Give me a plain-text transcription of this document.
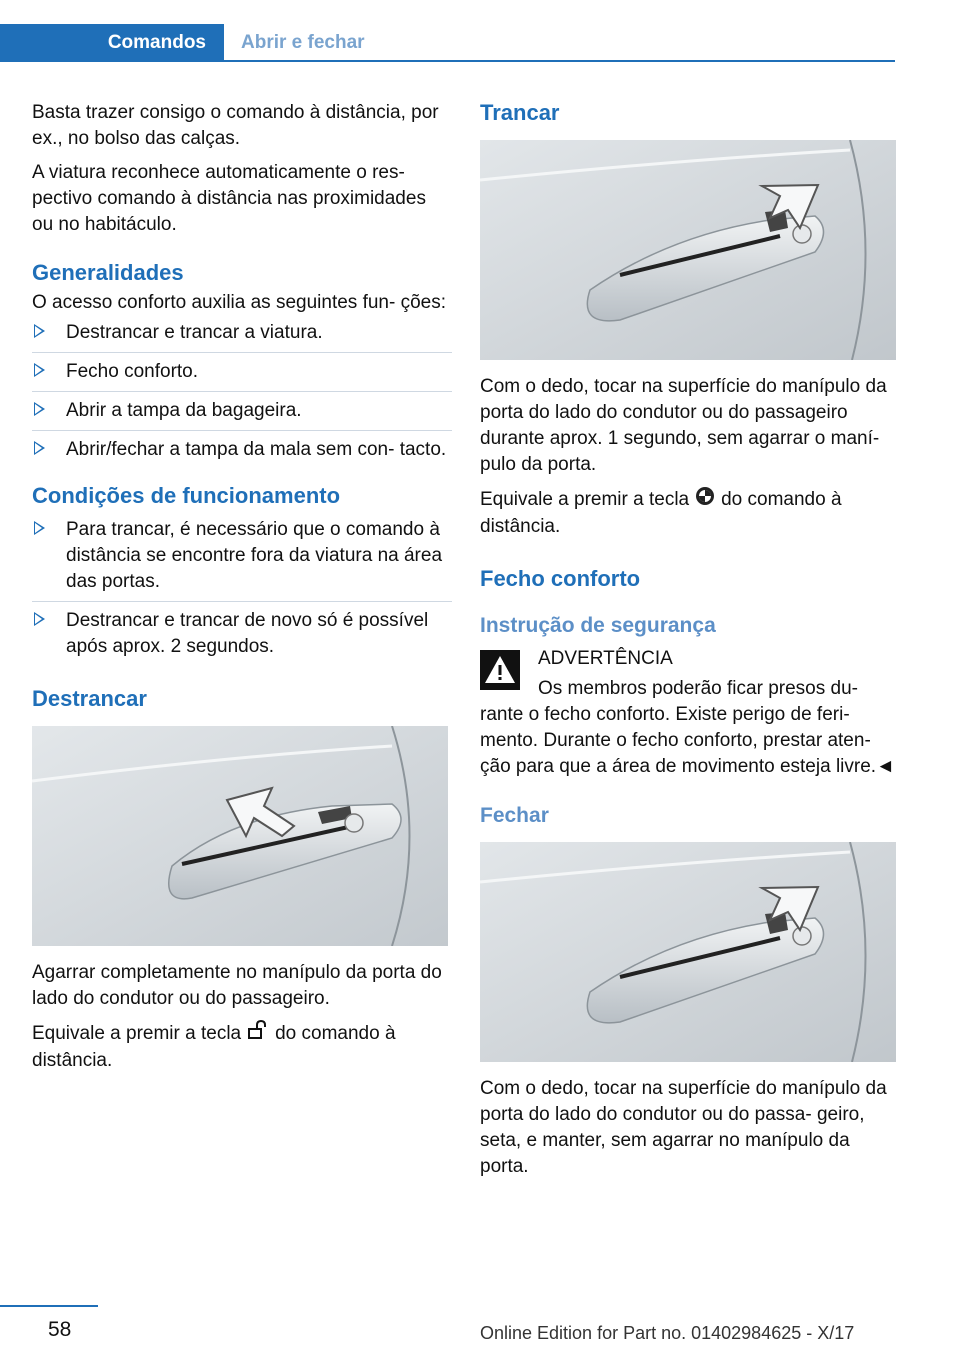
Comandos	Abrir e fechar

Basta trazer consigo o comando à distância, por ex., no bolso das calças.

A viatura reconhece automaticamente o res‐ pectivo comando à distância nas proximidades ou no habitáculo.

Generalidades

O acesso conforto auxilia as seguintes fun‐ ções:

Destrancar e trancar a viatura.
Fecho conforto.
Abrir a tampa da bagageira.
Abrir/fechar a tampa da mala sem con‐ tacto.
Condições de funcionamento
Para trancar, é necessário que o comando à distância se encontre fora da viatura na área das portas.
Destrancar e trancar de novo só é possível após aprox. 2 segundos.
Destrancar

Agarrar completamente no manípulo da porta do lado do condutor ou do passageiro.

Equivale a premir a tecla do comando à distância.

Trancar

Com o dedo, tocar na superfície do manípulo da porta do lado do condutor ou do passageiro durante aprox. 1 segundo, sem agarrar o maní‐ pulo da porta.

Equivale a premir a tecla do comando à distância.

Fecho conforto
Instrução de segurança

ADVERTÊNCIA

Os membros poderão ficar presos du‐ rante o fecho conforto. Existe perigo de feri‐ mento. Durante o fecho conforto, prestar aten‐ ção para que a área de movimento esteja livre.◄

Fechar

Com o dedo, tocar na superfície do manípulo da porta do lado do condutor ou do passa‐ geiro, seta, e manter, sem agarrar no manípulo da porta.

58	Online Edition for Part no. 01402984625 - X/17
